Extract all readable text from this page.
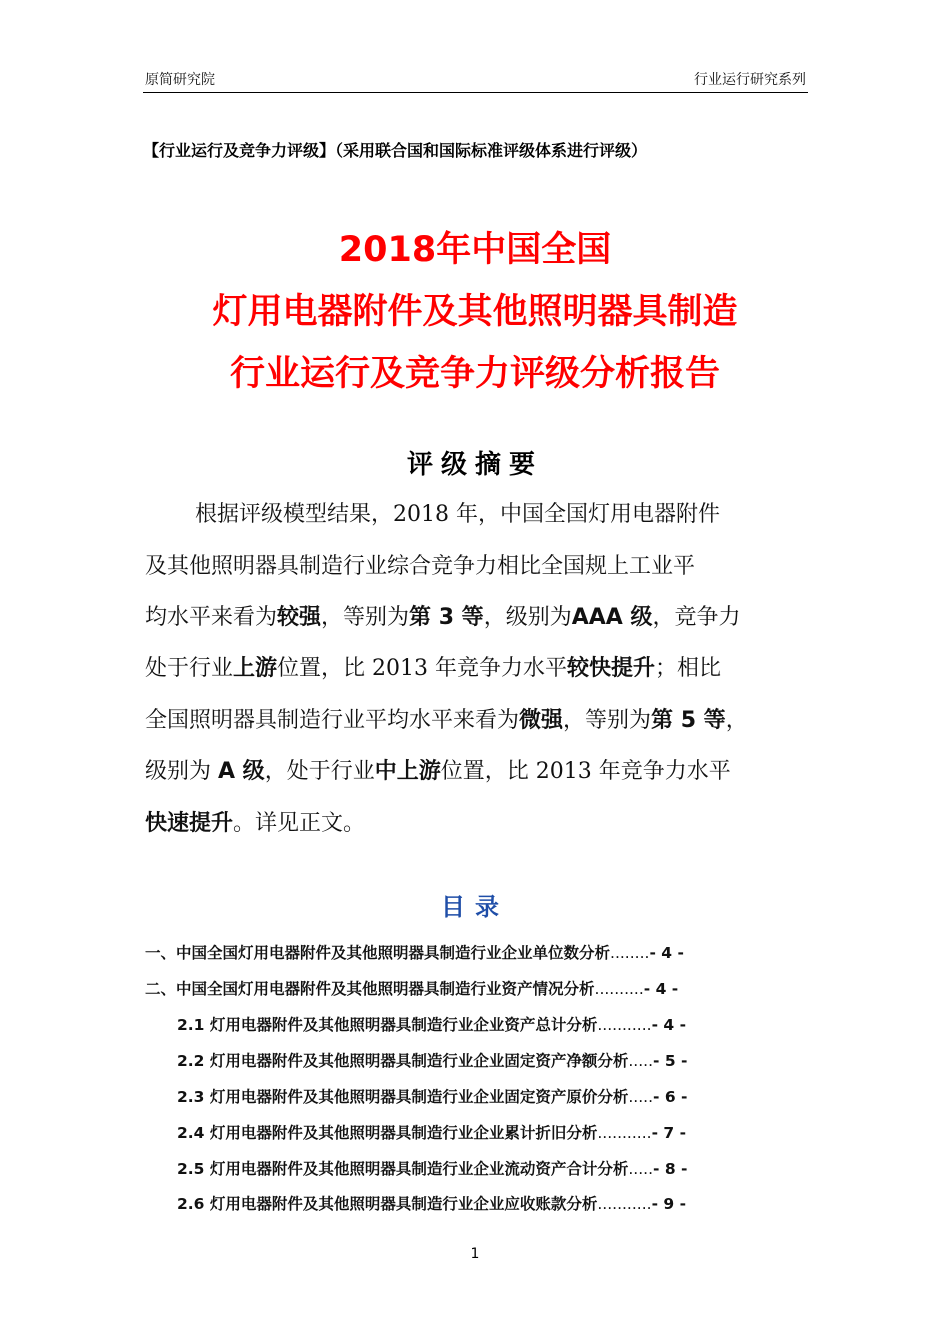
原简研究院	行业运行研究系列
【行业运行及竞争力评级】（采用联合国和国际标准评级体系进行评级）
2018年中国全国
灯用电器附件及其他照明器具制造
行业运行及竞争力评级分析报告
评级摘要
根据评级模型结果，2018 年，中国全国灯用电器附件
及其他照明器具制造行业综合竞争力相比全国规上工业平
均水平来看为较强，等别为第 3 等，级别为AAA 级，竞争力
处于行业上游位置，比 2013 年竞争力水平较快提升；相比
全国照明器具制造行业平均水平来看为微强，等别为第 5 等，
级别为 A 级，处于行业中上游位置，比 2013 年竞争力水平
快速提升。详见正文。
目录
一、中国全国灯用电器附件及其他照明器具制造行业企业单位数分析........- 4 -
二、中国全国灯用电器附件及其他照明器具制造行业资产情况分析..........- 4 -
2.1 灯用电器附件及其他照明器具制造行业企业资产总计分析...........- 4 -
2.2 灯用电器附件及其他照明器具制造行业企业固定资产净额分析.....- 5 -
2.3 灯用电器附件及其他照明器具制造行业企业固定资产原价分析.....- 6 -
2.4 灯用电器附件及其他照明器具制造行业企业累计折旧分析...........- 7 -
2.5 灯用电器附件及其他照明器具制造行业企业流动资产合计分析.....- 8 -
2.6 灯用电器附件及其他照明器具制造行业企业应收账款分析...........- 9 -
1
